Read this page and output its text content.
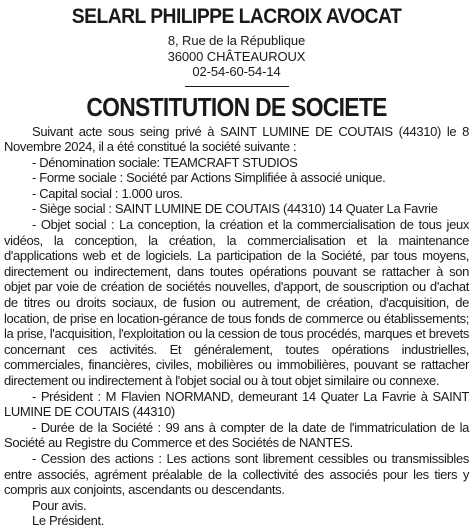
SELARL PHILIPPE LACROIX AVOCAT
8, Rue de la République
36000 CHÂTEAUROUX
02-54-60-54-14
CONSTITUTION DE SOCIETE

Suivant acte sous seing privé à SAINT LUMINE DE COUTAIS (44310) le 8 Novembre 2024, il a été constitué la société suivante :

- Dénomination sociale: TEAMCRAFT STUDIOS

- Forme sociale : Société par Actions Simplifiée à associé unique.

- Capital social : 1.000 uros.

- Siège social : SAINT LUMINE DE COUTAIS (44310) 14 Quater La Favrie

- Objet social : La conception, la création et la commercialisation de tous jeux vidéos, la conception, la création, la commercialisation et la maintenance d'applications web et de logiciels. La participation de la Société, par tous moyens, directement ou indirectement, dans toutes opérations pouvant se rattacher à son objet par voie de création de sociétés nouvelles, d'apport, de souscription ou d'achat de titres ou droits sociaux, de fusion ou autrement, de création, d'acquisition, de location, de prise en location-gérance de tous fonds de commerce ou établissements; la prise, l'acquisition, l'exploitation ou la cession de tous procédés, marques et brevets concernant ces activités. Et généralement, toutes opérations industrielles, commerciales, financières, civiles, mobilières ou immobilières, pouvant se rattacher directement ou indirectement à l'objet social ou à tout objet similaire ou connexe.

- Président : M Flavien NORMAND, demeurant 14 Quater La Favrie à SAINT LUMINE DE COUTAIS (44310)

- Durée de la Société : 99 ans à compter de la date de l'immatriculation de la Société au Registre du Commerce et des Sociétés de NANTES.

- Cession des actions : Les actions sont librement cessibles ou transmissibles entre associés, agrément préalable de la collectivité des associés pour les tiers y compris aux conjoints, ascendants ou descendants.

Pour avis.

Le Président.
